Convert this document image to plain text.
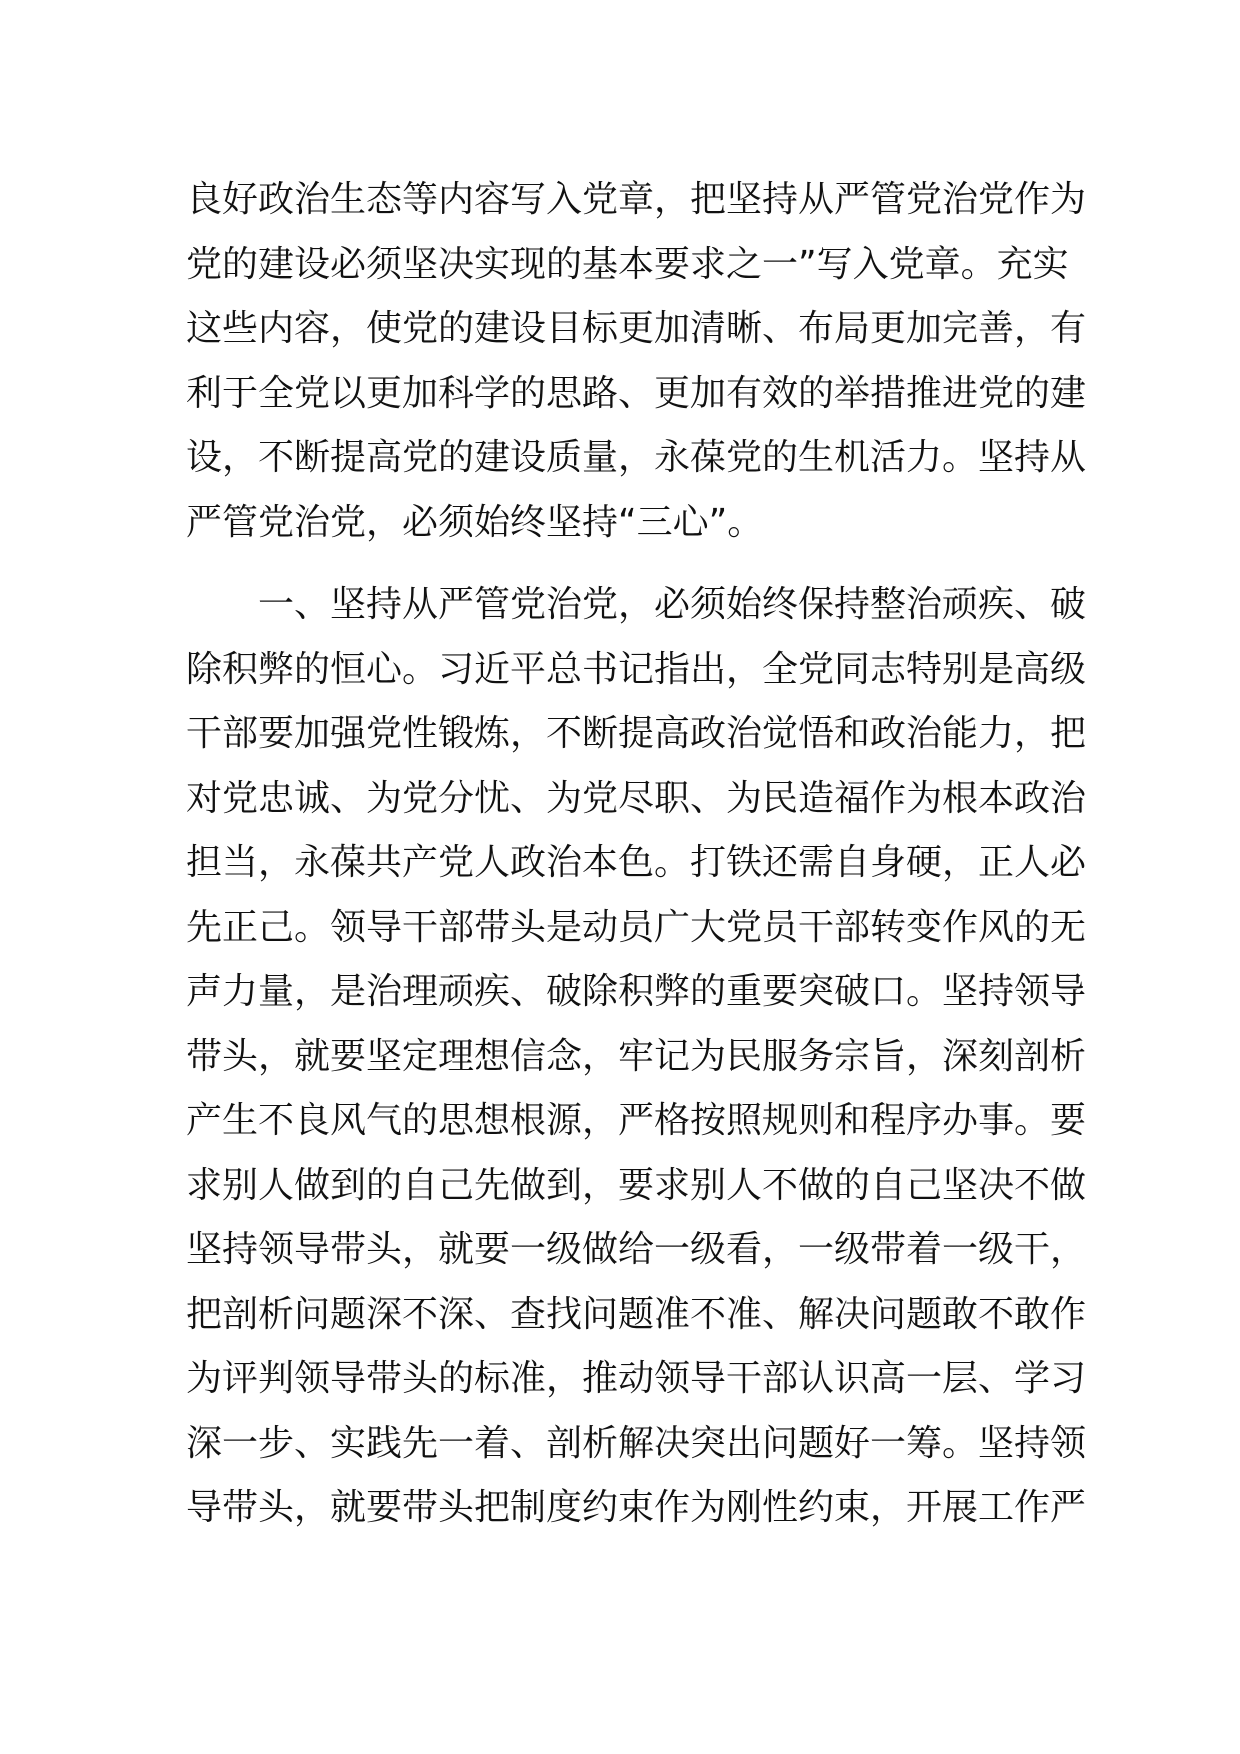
良好政治生态等内容写入党章，把坚持从严管党治党作为
党的建设必须坚决实现的基本要求之一”写入党章。充实
这些内容，使党的建设目标更加清晰、布局更加完善，有
利于全党以更加科学的思路、更加有效的举措推进党的建
设，不断提高党的建设质量，永葆党的生机活力。坚持从
严管党治党，必须始终坚持“三心”。
一、坚持从严管党治党，必须始终保持整治顽疾、破
除积弊的恒心。习近平总书记指出，全党同志特别是高级
干部要加强党性锻炼，不断提高政治觉悟和政治能力，把
对党忠诚、为党分忧、为党尽职、为民造福作为根本政治
担当，永葆共产党人政治本色。打铁还需自身硬，正人必
先正己。领导干部带头是动员广大党员干部转变作风的无
声力量，是治理顽疾、破除积弊的重要突破口。坚持领导
带头，就要坚定理想信念，牢记为民服务宗旨，深刻剖析
产生不良风气的思想根源，严格按照规则和程序办事。要
求别人做到的自己先做到，要求别人不做的自己坚决不做
坚持领导带头，就要一级做给一级看，一级带着一级干，
把剖析问题深不深、查找问题准不准、解决问题敢不敢作
为评判领导带头的标准，推动领导干部认识高一层、学习
深一步、实践先一着、剖析解决突出问题好一筹。坚持领
导带头，就要带头把制度约束作为刚性约束，开展工作严
